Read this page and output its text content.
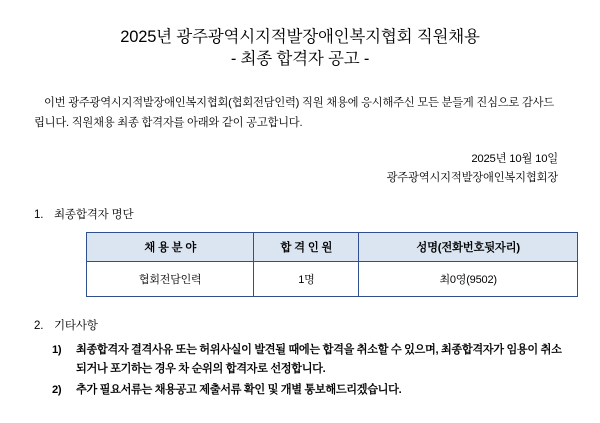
2025년 광주광역시지적발장애인복지협회 직원채용
- 최종 합격자 공고 -

이번 광주광역시지적발장애인복지협회(협회전담인력) 직원 채용에 응시해주신 모든 분들게 진심으로 감사드

립니다. 직원채용 최종 합격자를 아래와 같이 공고합니다.

2025년 10월 10일
광주광역시지적발장애인복지협회장
1. 최종합격자 명단
채 용 분 야	합 격 인 원	성명(전화번호뒷자리)
협회전담인력	1명	최0영(9502)
2. 기타사항
1)	최종합격자 결격사유 또는 허위사실이 발견될 때에는 합격을 취소할 수 있으며, 최종합격자가 임용이 취소되거나 포기하는 경우 차 순위의 합격자로 선정합니다.
2)	추가 필요서류는 채용공고 제출서류 확인 및 개별 통보해드리겠습니다.
